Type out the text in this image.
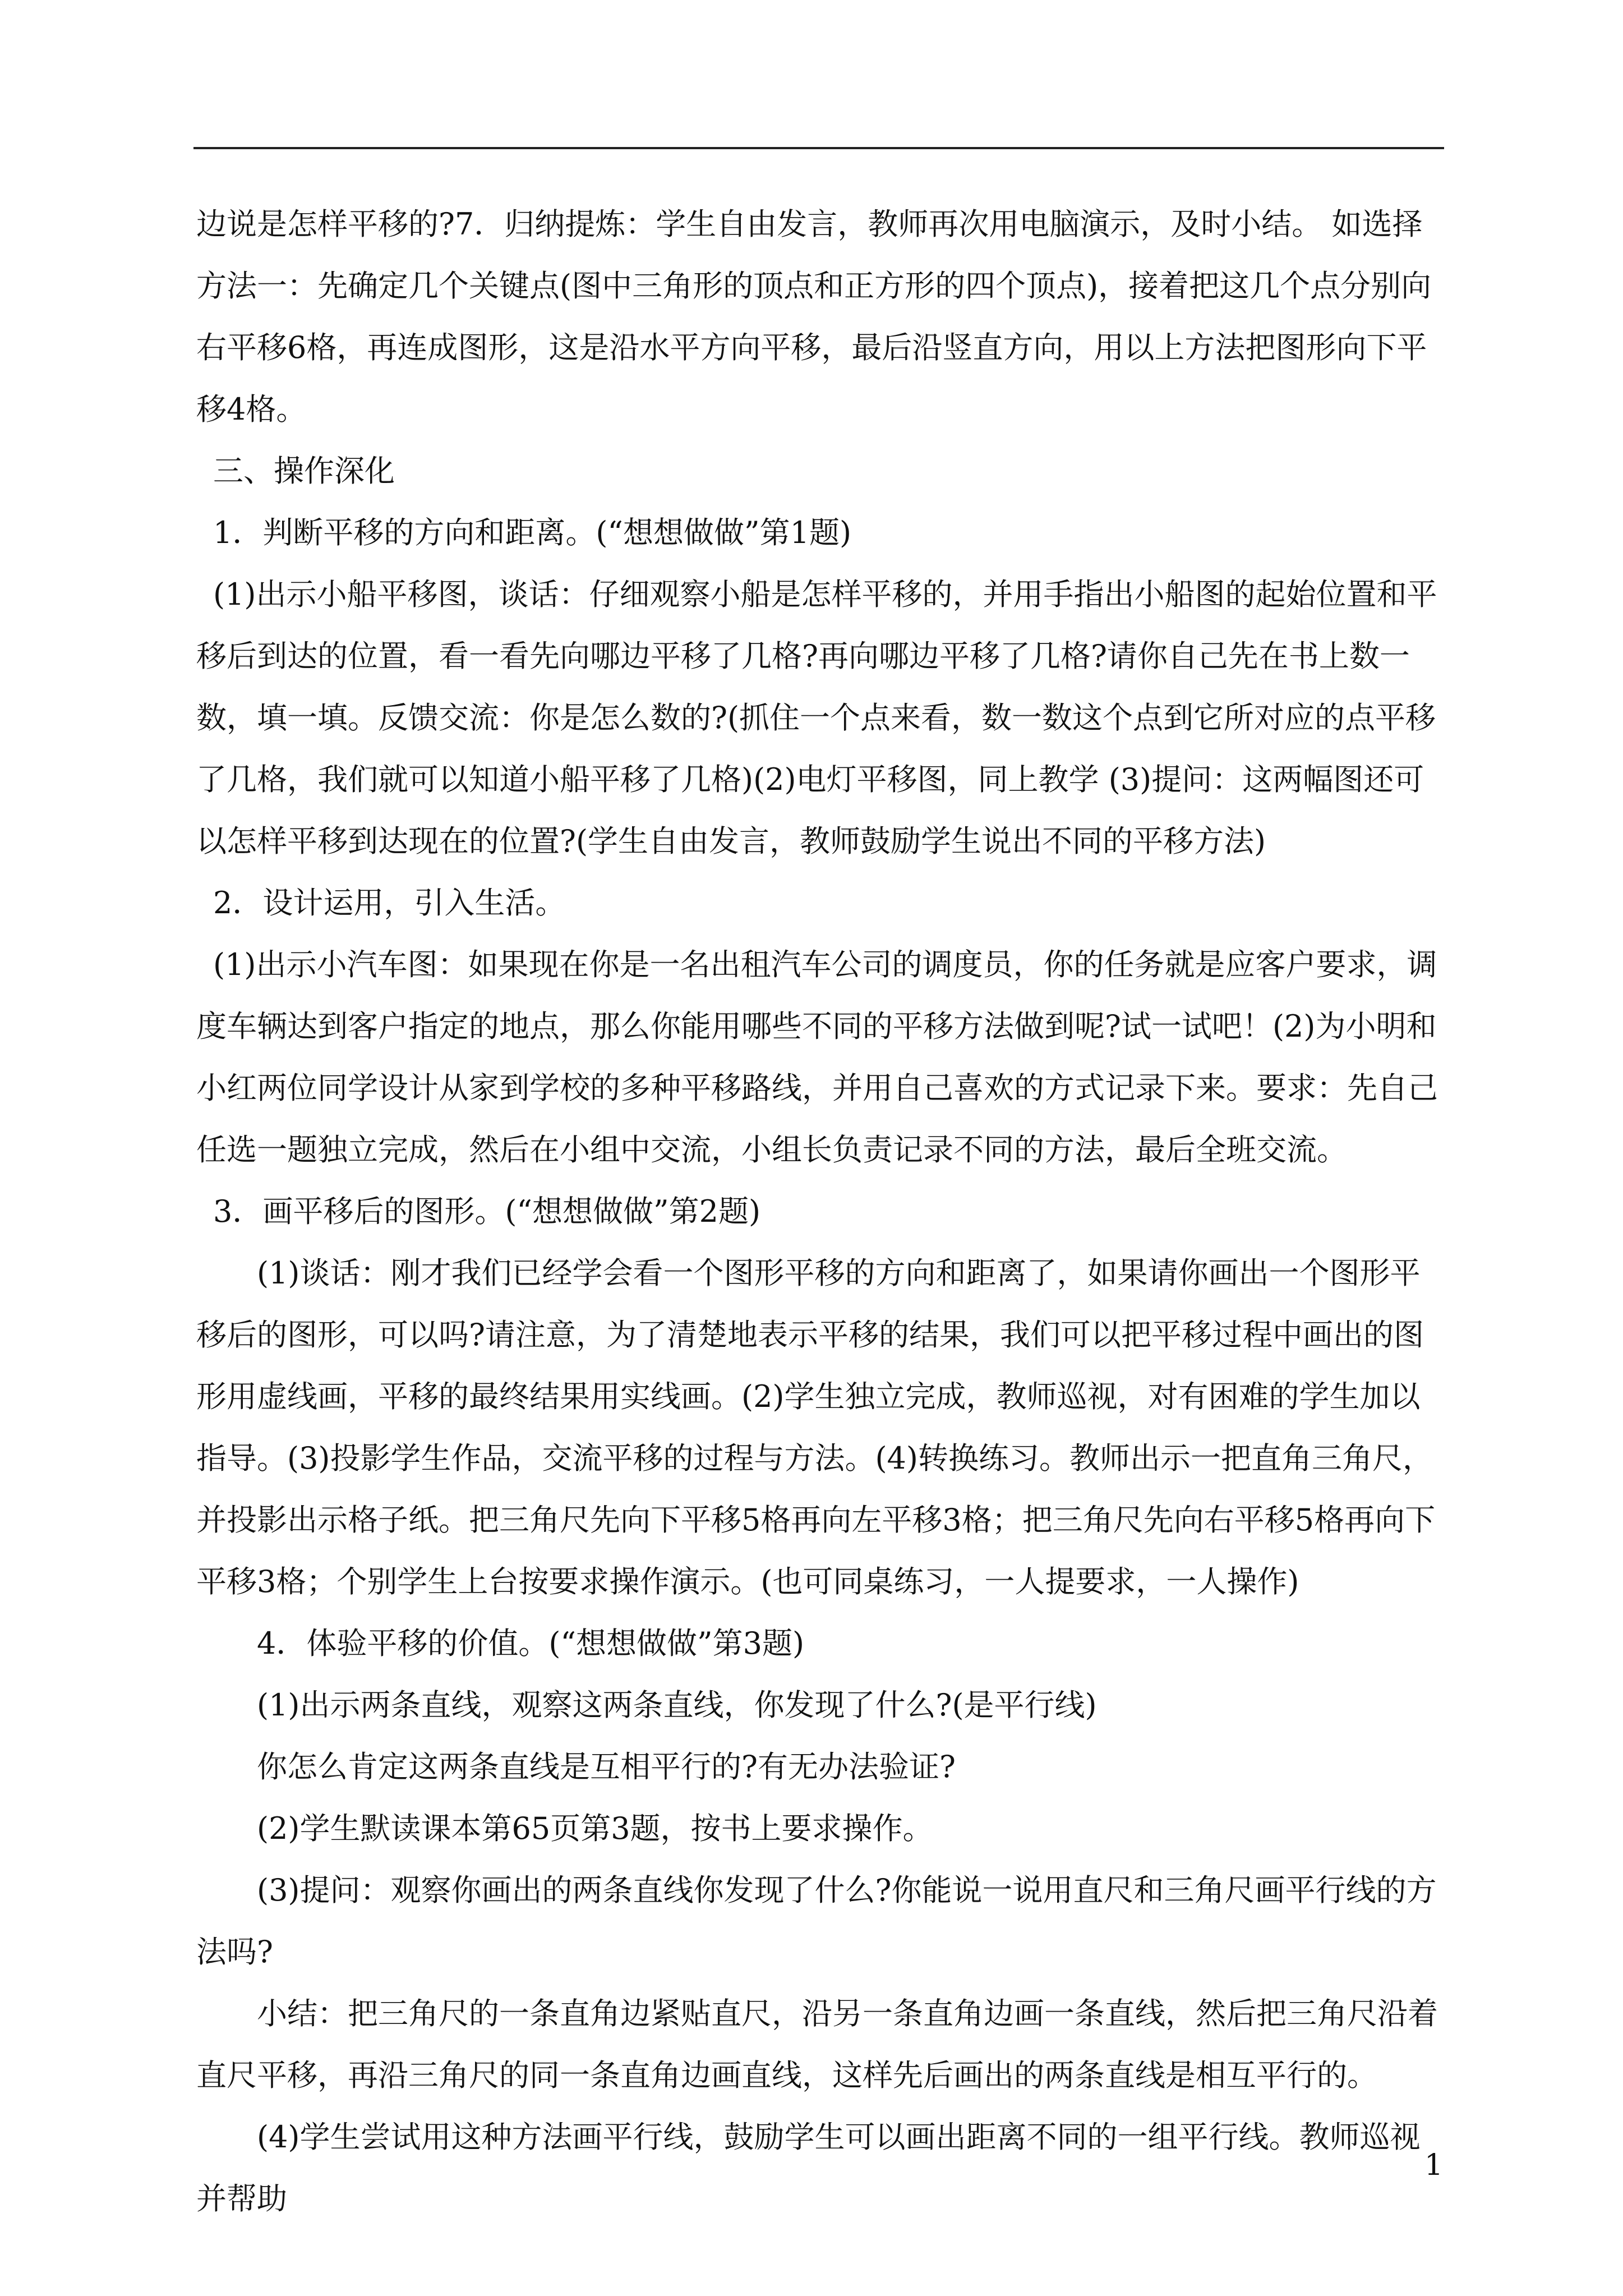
边说是怎样平移的?7．归纳提炼：学生自由发言，教师再次用电脑演示，及时小结。 如选择方法一：先确定几个关键点(图中三角形的顶点和正方形的四个顶点)，接着把这几个点分别向右平移6格，再连成图形，这是沿水平方向平移，最后沿竖直方向，用以上方法把图形向下平移4格。

三、操作深化

1．判断平移的方向和距离。(“想想做做”第1题)

(1)出示小船平移图，谈话：仔细观察小船是怎样平移的，并用手指出小船图的起始位置和平移后到达的位置，看一看先向哪边平移了几格?再向哪边平移了几格?请你自己先在书上数一数，填一填。反馈交流：你是怎么数的?(抓住一个点来看，数一数这个点到它所对应的点平移了几格，我们就可以知道小船平移了几格)(2)电灯平移图，同上教学 (3)提问：这两幅图还可以怎样平移到达现在的位置?(学生自由发言，教师鼓励学生说出不同的平移方法)

2．设计运用，引入生活。

(1)出示小汽车图：如果现在你是一名出租汽车公司的调度员，你的任务就是应客户要求，调度车辆达到客户指定的地点，那么你能用哪些不同的平移方法做到呢?试一试吧！(2)为小明和小红两位同学设计从家到学校的多种平移路线，并用自己喜欢的方式记录下来。要求：先自己任选一题独立完成，然后在小组中交流，小组长负责记录不同的方法，最后全班交流。

3．画平移后的图形。(“想想做做”第2题)

(1)谈话：刚才我们已经学会看一个图形平移的方向和距离了，如果请你画出一个图形平移后的图形，可以吗?请注意，为了清楚地表示平移的结果，我们可以把平移过程中画出的图形用虚线画，平移的最终结果用实线画。(2)学生独立完成，教师巡视，对有困难的学生加以指导。(3)投影学生作品，交流平移的过程与方法。(4)转换练习。教师出示一把直角三角尺，并投影出示格子纸。把三角尺先向下平移5格再向左平移3格；把三角尺先向右平移5格再向下平移3格；个别学生上台按要求操作演示。(也可同桌练习，一人提要求，一人操作)

4．体验平移的价值。(“想想做做”第3题)

(1)出示两条直线，观察这两条直线，你发现了什么?(是平行线)

你怎么肯定这两条直线是互相平行的?有无办法验证?

(2)学生默读课本第65页第3题，按书上要求操作。

(3)提问：观察你画出的两条直线你发现了什么?你能说一说用直尺和三角尺画平行线的方法吗?

小结：把三角尺的一条直角边紧贴直尺，沿另一条直角边画一条直线，然后把三角尺沿着直尺平移，再沿三角尺的同一条直角边画直线，这样先后画出的两条直线是相互平行的。

(4)学生尝试用这种方法画平行线，鼓励学生可以画出距离不同的一组平行线。教师巡视并帮助

1
